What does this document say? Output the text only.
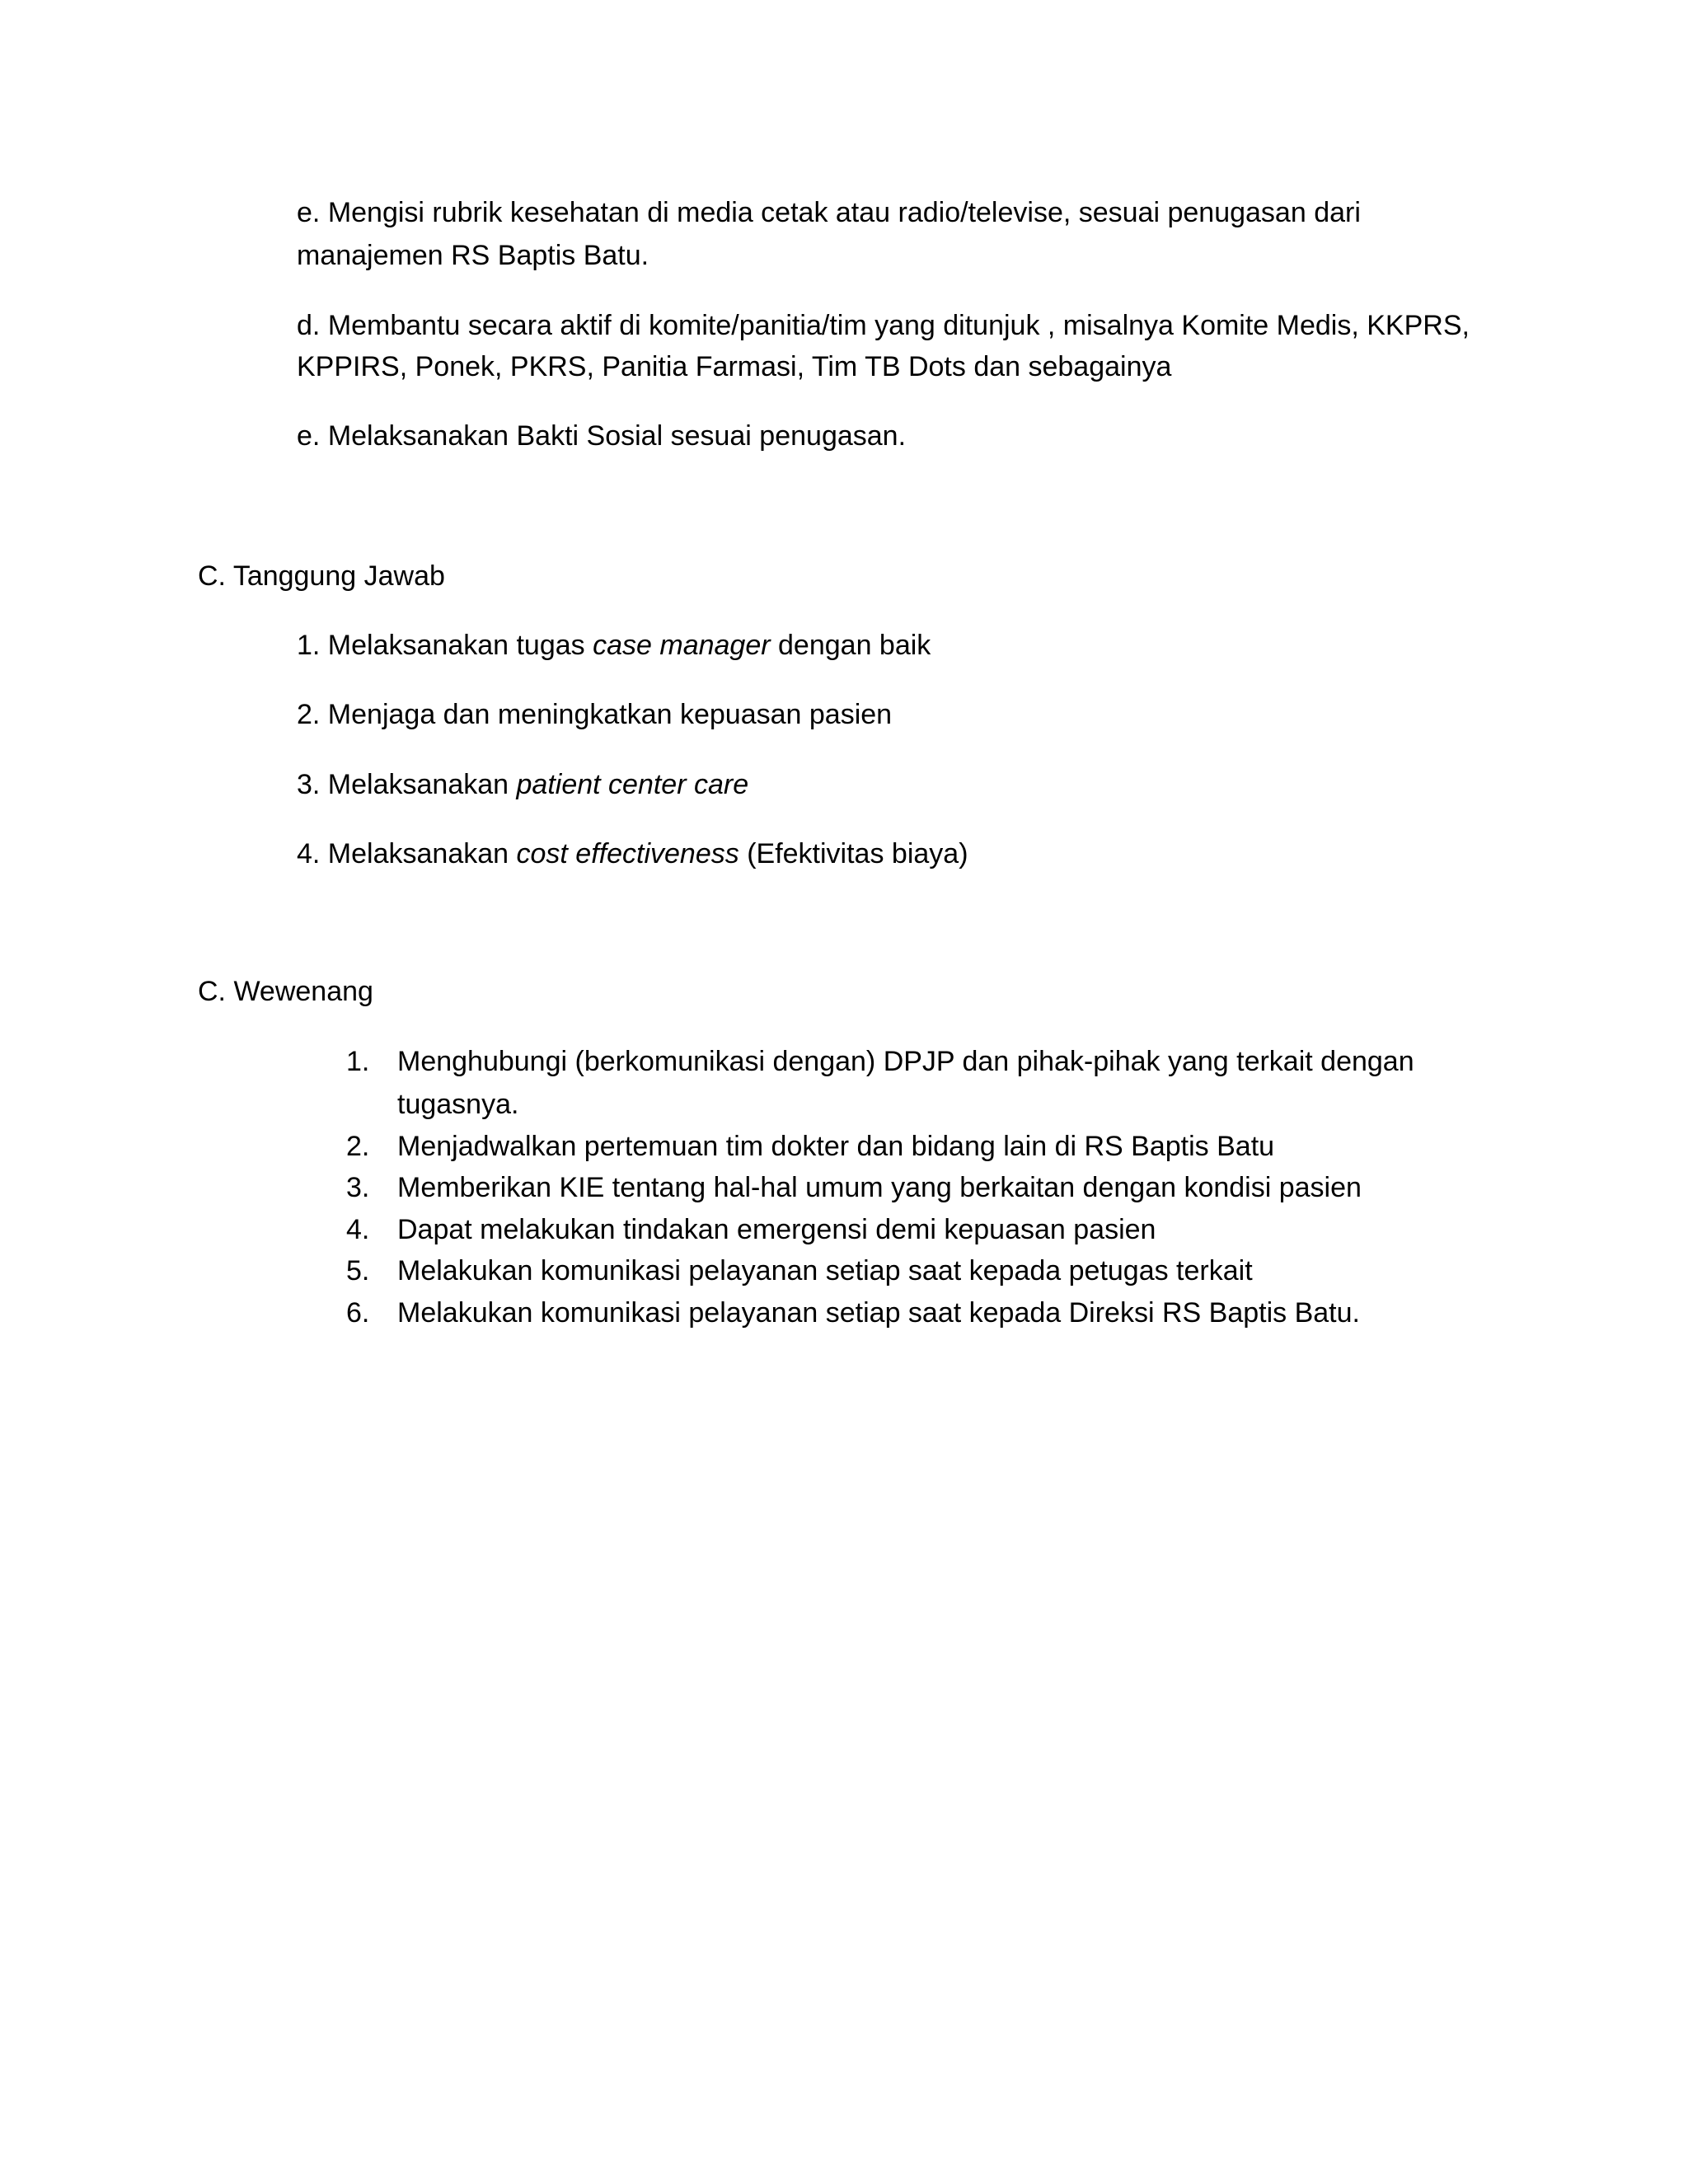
e. Mengisi rubrik kesehatan di media cetak atau radio/televise, sesuai penugasan dari
manajemen RS Baptis Batu.
d. Membantu secara aktif di komite/panitia/tim yang ditunjuk , misalnya Komite Medis, KKPRS,
KPPIRS, Ponek, PKRS, Panitia Farmasi, Tim TB Dots dan sebagainya
e. Melaksanakan Bakti Sosial sesuai penugasan.
C. Tanggung Jawab
1. Melaksanakan tugas case manager dengan baik
2. Menjaga dan meningkatkan kepuasan pasien
3. Melaksanakan patient center care
4. Melaksanakan cost effectiveness (Efektivitas biaya)
C. Wewenang
1. Menghubungi (berkomunikasi dengan) DPJP dan pihak-pihak yang terkait dengan
tugasnya.
2. Menjadwalkan pertemuan tim dokter dan bidang lain di RS Baptis Batu
3. Memberikan KIE tentang hal-hal umum yang berkaitan dengan kondisi pasien
4. Dapat melakukan tindakan emergensi demi kepuasan pasien
5. Melakukan komunikasi pelayanan setiap saat kepada petugas terkait
6. Melakukan komunikasi pelayanan setiap saat kepada Direksi RS Baptis Batu.
